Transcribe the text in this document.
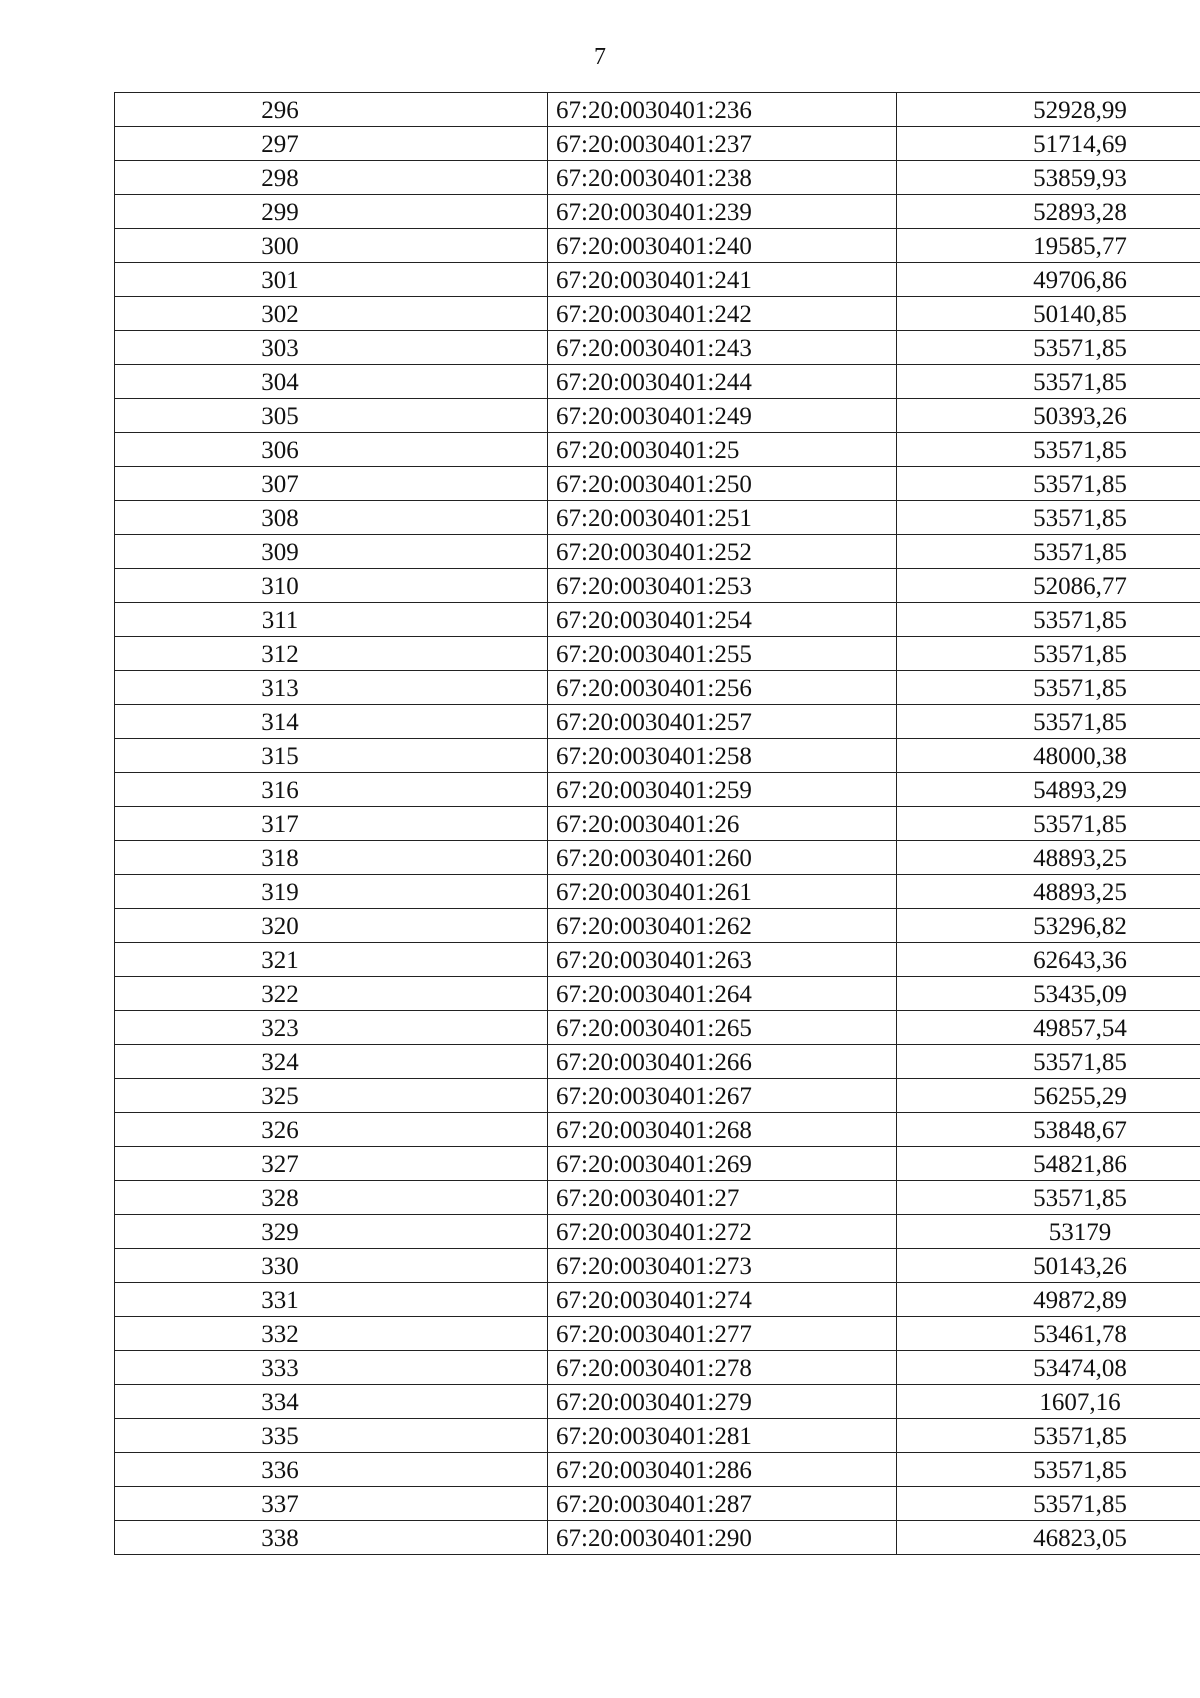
7
296	67:20:0030401:236	52928,99
297	67:20:0030401:237	51714,69
298	67:20:0030401:238	53859,93
299	67:20:0030401:239	52893,28
300	67:20:0030401:240	19585,77
301	67:20:0030401:241	49706,86
302	67:20:0030401:242	50140,85
303	67:20:0030401:243	53571,85
304	67:20:0030401:244	53571,85
305	67:20:0030401:249	50393,26
306	67:20:0030401:25	53571,85
307	67:20:0030401:250	53571,85
308	67:20:0030401:251	53571,85
309	67:20:0030401:252	53571,85
310	67:20:0030401:253	52086,77
311	67:20:0030401:254	53571,85
312	67:20:0030401:255	53571,85
313	67:20:0030401:256	53571,85
314	67:20:0030401:257	53571,85
315	67:20:0030401:258	48000,38
316	67:20:0030401:259	54893,29
317	67:20:0030401:26	53571,85
318	67:20:0030401:260	48893,25
319	67:20:0030401:261	48893,25
320	67:20:0030401:262	53296,82
321	67:20:0030401:263	62643,36
322	67:20:0030401:264	53435,09
323	67:20:0030401:265	49857,54
324	67:20:0030401:266	53571,85
325	67:20:0030401:267	56255,29
326	67:20:0030401:268	53848,67
327	67:20:0030401:269	54821,86
328	67:20:0030401:27	53571,85
329	67:20:0030401:272	53179
330	67:20:0030401:273	50143,26
331	67:20:0030401:274	49872,89
332	67:20:0030401:277	53461,78
333	67:20:0030401:278	53474,08
334	67:20:0030401:279	1607,16
335	67:20:0030401:281	53571,85
336	67:20:0030401:286	53571,85
337	67:20:0030401:287	53571,85
338	67:20:0030401:290	46823,05
